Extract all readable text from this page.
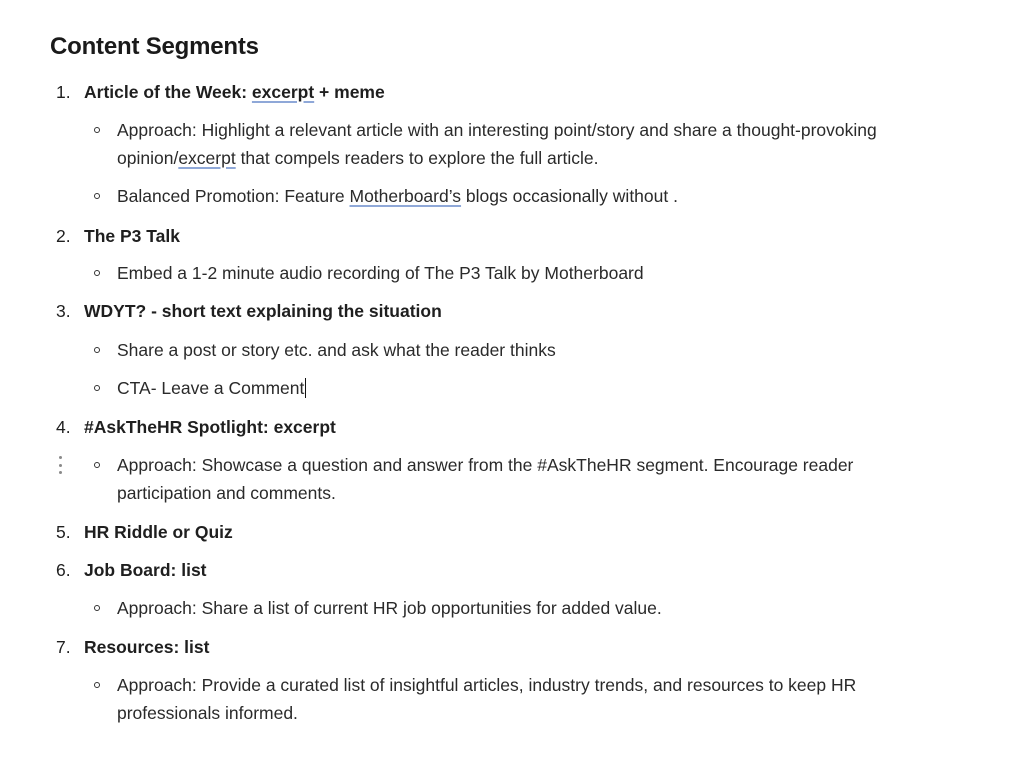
Content Segments
1. Article of the Week: excerpt + meme
Approach: Highlight a relevant article with an interesting point/story and share a thought-provoking
opinion/excerpt that compels readers to explore the full article.
Balanced Promotion: Feature Motherboard’s blogs occasionally without .
2. The P3 Talk
Embed a 1-2 minute audio recording of The P3 Talk by Motherboard
3. WDYT? - short text explaining the situation
Share a post or story etc. and ask what the reader thinks
CTA- Leave a Comment
4. #AskTheHR Spotlight: excerpt
Approach: Showcase a question and answer from the #AskTheHR segment. Encourage reader
participation and comments.
5. HR Riddle or Quiz
6. Job Board: list
Approach: Share a list of current HR job opportunities for added value.
7. Resources: list
Approach: Provide a curated list of insightful articles, industry trends, and resources to keep HR
professionals informed.
